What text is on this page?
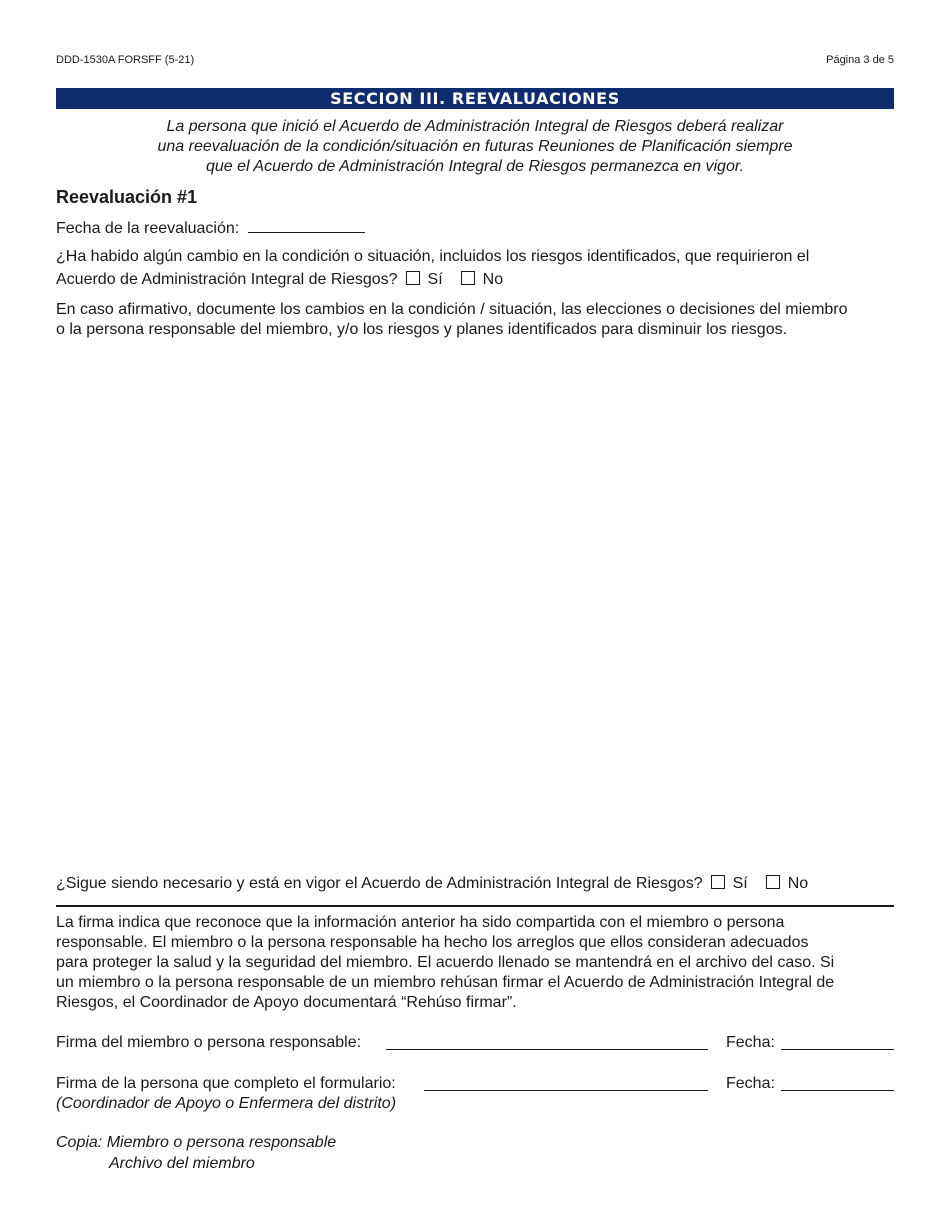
DDD-1530A FORSFF (5-21)	Página 3 de 5
SECCION III. REEVALUACIONES
La persona que inició el Acuerdo de Administración Integral de Riesgos deberá realizar
una reevaluación de la condición/situación en futuras Reuniones de Planificación siempre
que el Acuerdo de Administración Integral de Riesgos permanezca en vigor.
Reevaluación #1
Fecha de la reevaluación:
¿Ha habido algún cambio en la condición o situación, incluidos los riesgos identificados, que requirieron el
Acuerdo de Administración Integral de Riesgos? Sí	No
En caso afirmativo, documente los cambios en la condición / situación, las elecciones o decisiones del miembro
o la persona responsable del miembro, y/o los riesgos y planes identificados para disminuir los riesgos.
¿Sigue siendo necesario y está en vigor el Acuerdo de Administración Integral de Riesgos? Sí	No
La firma indica que reconoce que la información anterior ha sido compartida con el miembro o persona
responsable. El miembro o la persona responsable ha hecho los arreglos que ellos consideran adecuados
para proteger la salud y la seguridad del miembro. El acuerdo llenado se mantendrá en el archivo del caso. Si
un miembro o la persona responsable de un miembro rehúsan firmar el Acuerdo de Administración Integral de
Riesgos, el Coordinador de Apoyo documentará “Rehúso firmar”.
Firma del miembro o persona responsable:	Fecha:
Firma de la persona que completo el formulario:	Fecha:
(Coordinador de Apoyo o Enfermera del distrito)
Copia: Miembro o persona responsable
Archivo del miembro
